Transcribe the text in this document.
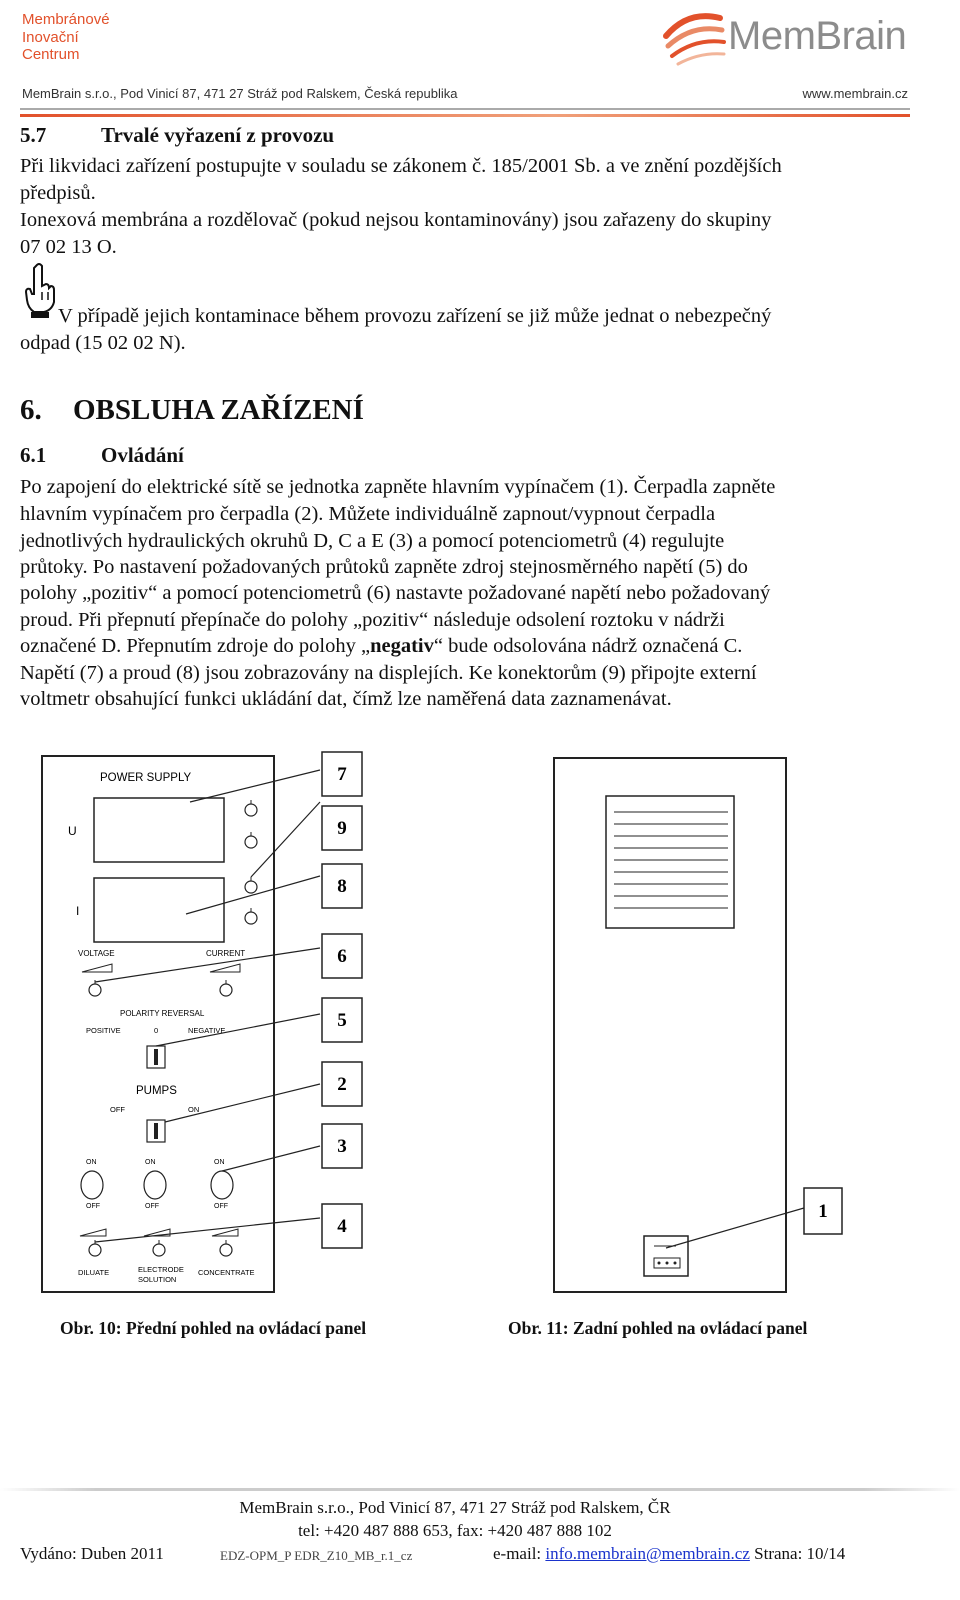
Membránové
Inovační
Centrum	MemBrain
MemBrain s.r.o., Pod Vinicí 87, 471 27 Stráž pod Ralskem, Česká republika	www.membrain.cz
5.7	Trvalé vyřazení z provozu
Při likvidaci zařízení postupujte v souladu se zákonem č. 185/2001 Sb. a ve znění pozdějších
předpisů.
Ionexová membrána a rozdělovač (pokud nejsou kontaminovány) jsou zařazeny do skupiny
07 02 13 O.
V případě jejich kontaminace během provozu zařízení se již může jednat o nebezpečný
odpad (15 02 02 N).
6. OBSLUHA ZAŘÍZENÍ
6.1	Ovládání
Po zapojení do elektrické sítě se jednotka zapněte hlavním vypínačem (1). Čerpadla zapněte
hlavním vypínačem pro čerpadla (2). Můžete individuálně zapnout/vypnout čerpadla
jednotlivých hydraulických okruhů D, C a E (3) a pomocí potenciometrů (4) regulujte
průtoky. Po nastavení požadovaných průtoků zapněte zdroj stejnosměrného napětí (5) do
polohy „pozitiv“ a pomocí potenciometrů (6) nastavte požadované napětí nebo požadovaný
proud. Při přepnutí přepínače do polohy „pozitiv“ následuje odsolení roztoku v nádrži
označené D. Přepnutím zdroje do polohy „negativ“ bude odsolována nádrž označená C.
Napětí (7) a proud (8) jsou zobrazovány na displejích. Ke konektorům (9) připojte externí
voltmetr obsahující funkci ukládání dat, čímž lze naměřená data zaznamenávat.
POWER SUPPLY
U
I
VOLTAGE	CURRENT
POLARITY REVERSAL
POSITIVE	0	NEGATIVE
PUMPS
OFF	ON
ON	ON	ON
OFF	OFF	OFF
DILUATE	ELECTRODE
SOLUTION
CONCENTRATE
7
9
8
6
5
2
3
4
1
Obr. 10: Přední pohled na ovládací panel	Obr. 11: Zadní pohled na ovládací panel
MemBrain s.r.o., Pod Vinicí 87, 471 27 Stráž pod Ralskem, ČR
tel: +420 487 888 653, fax: +420 487 888 102
Vydáno: Duben 2011	EDZ-OPM_P EDR_Z10_MB_r.1_cz	e-mail: info.membrain@membrain.cz Strana: 10/14
